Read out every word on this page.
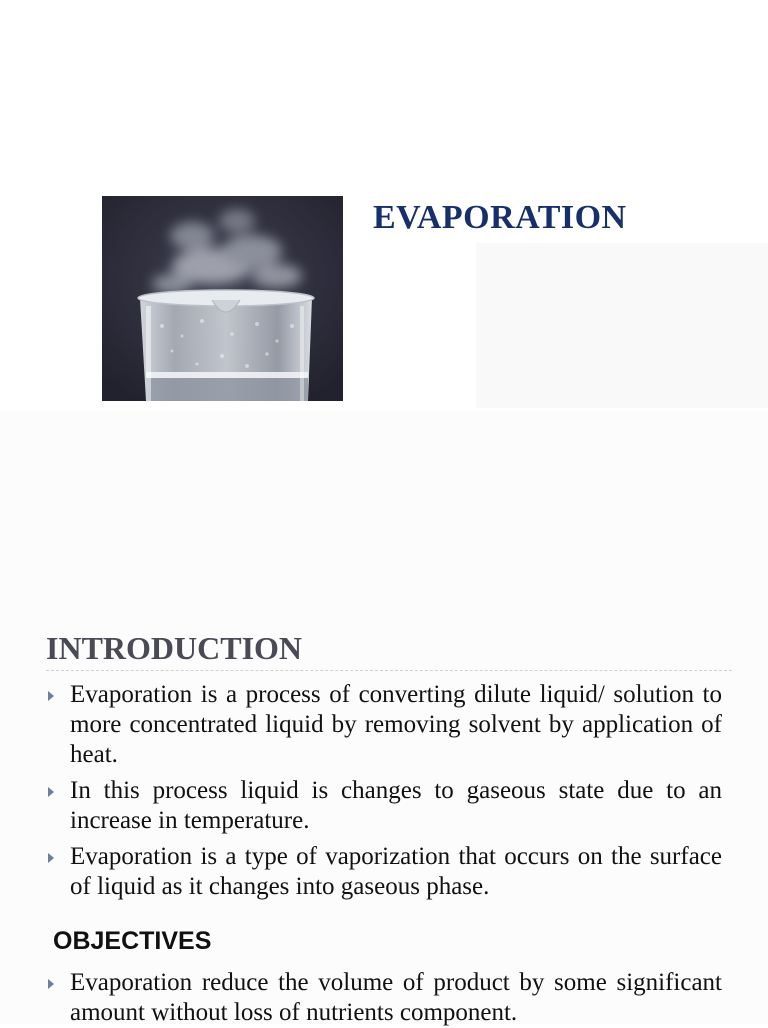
EVAPORATION
INTRODUCTION
Evaporation is a process of converting dilute liquid/ solution to more concentrated liquid by removing solvent by application of heat.
In this process liquid is changes to gaseous state due to an increase in temperature.
Evaporation is a type of vaporization that occurs on the surface of liquid as it changes into gaseous phase.
OBJECTIVES
Evaporation reduce the volume of product by some significant amount without loss of nutrients component.
